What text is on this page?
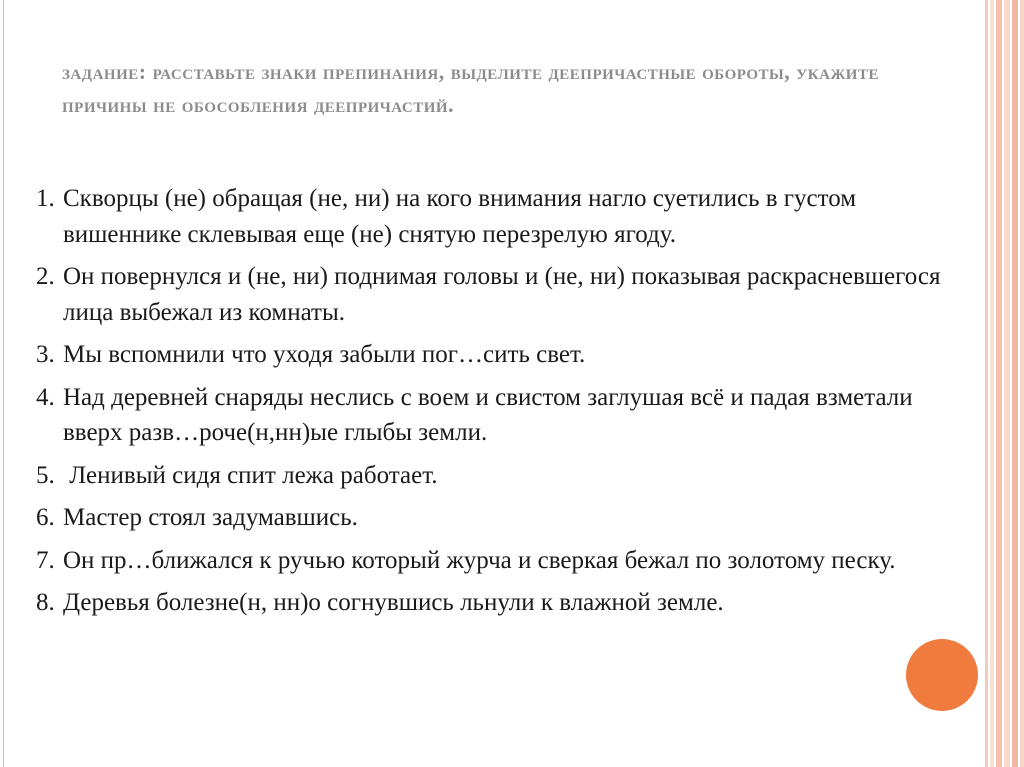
задание: расставьте знаки препинания, выделите деепричастные обороты, укажите причины не обособления деепричастий.
1. Скворцы (не) обращая (не, ни) на кого внимания нагло суетились в густом вишеннике склевывая еще (не) снятую перезрелую ягоду.
2. Он повернулся и (не, ни) поднимая головы и (не, ни) показывая раскрасневшегося лица выбежал из комнаты.
3. Мы вспомнили что уходя забыли пог…сить свет.
4. Над деревней снаряды неслись с воем и свистом заглушая всё и падая взметали вверх разв…роче(н,нн)ые глыбы земли.
5. Ленивый сидя спит лежа работает.
6. Мастер стоял задумавшись.
7. Он пр…ближался к ручью который журча и сверкая бежал по золотому песку.
8. Деревья болезне(н, нн)о согнувшись льнули к влажной земле.
